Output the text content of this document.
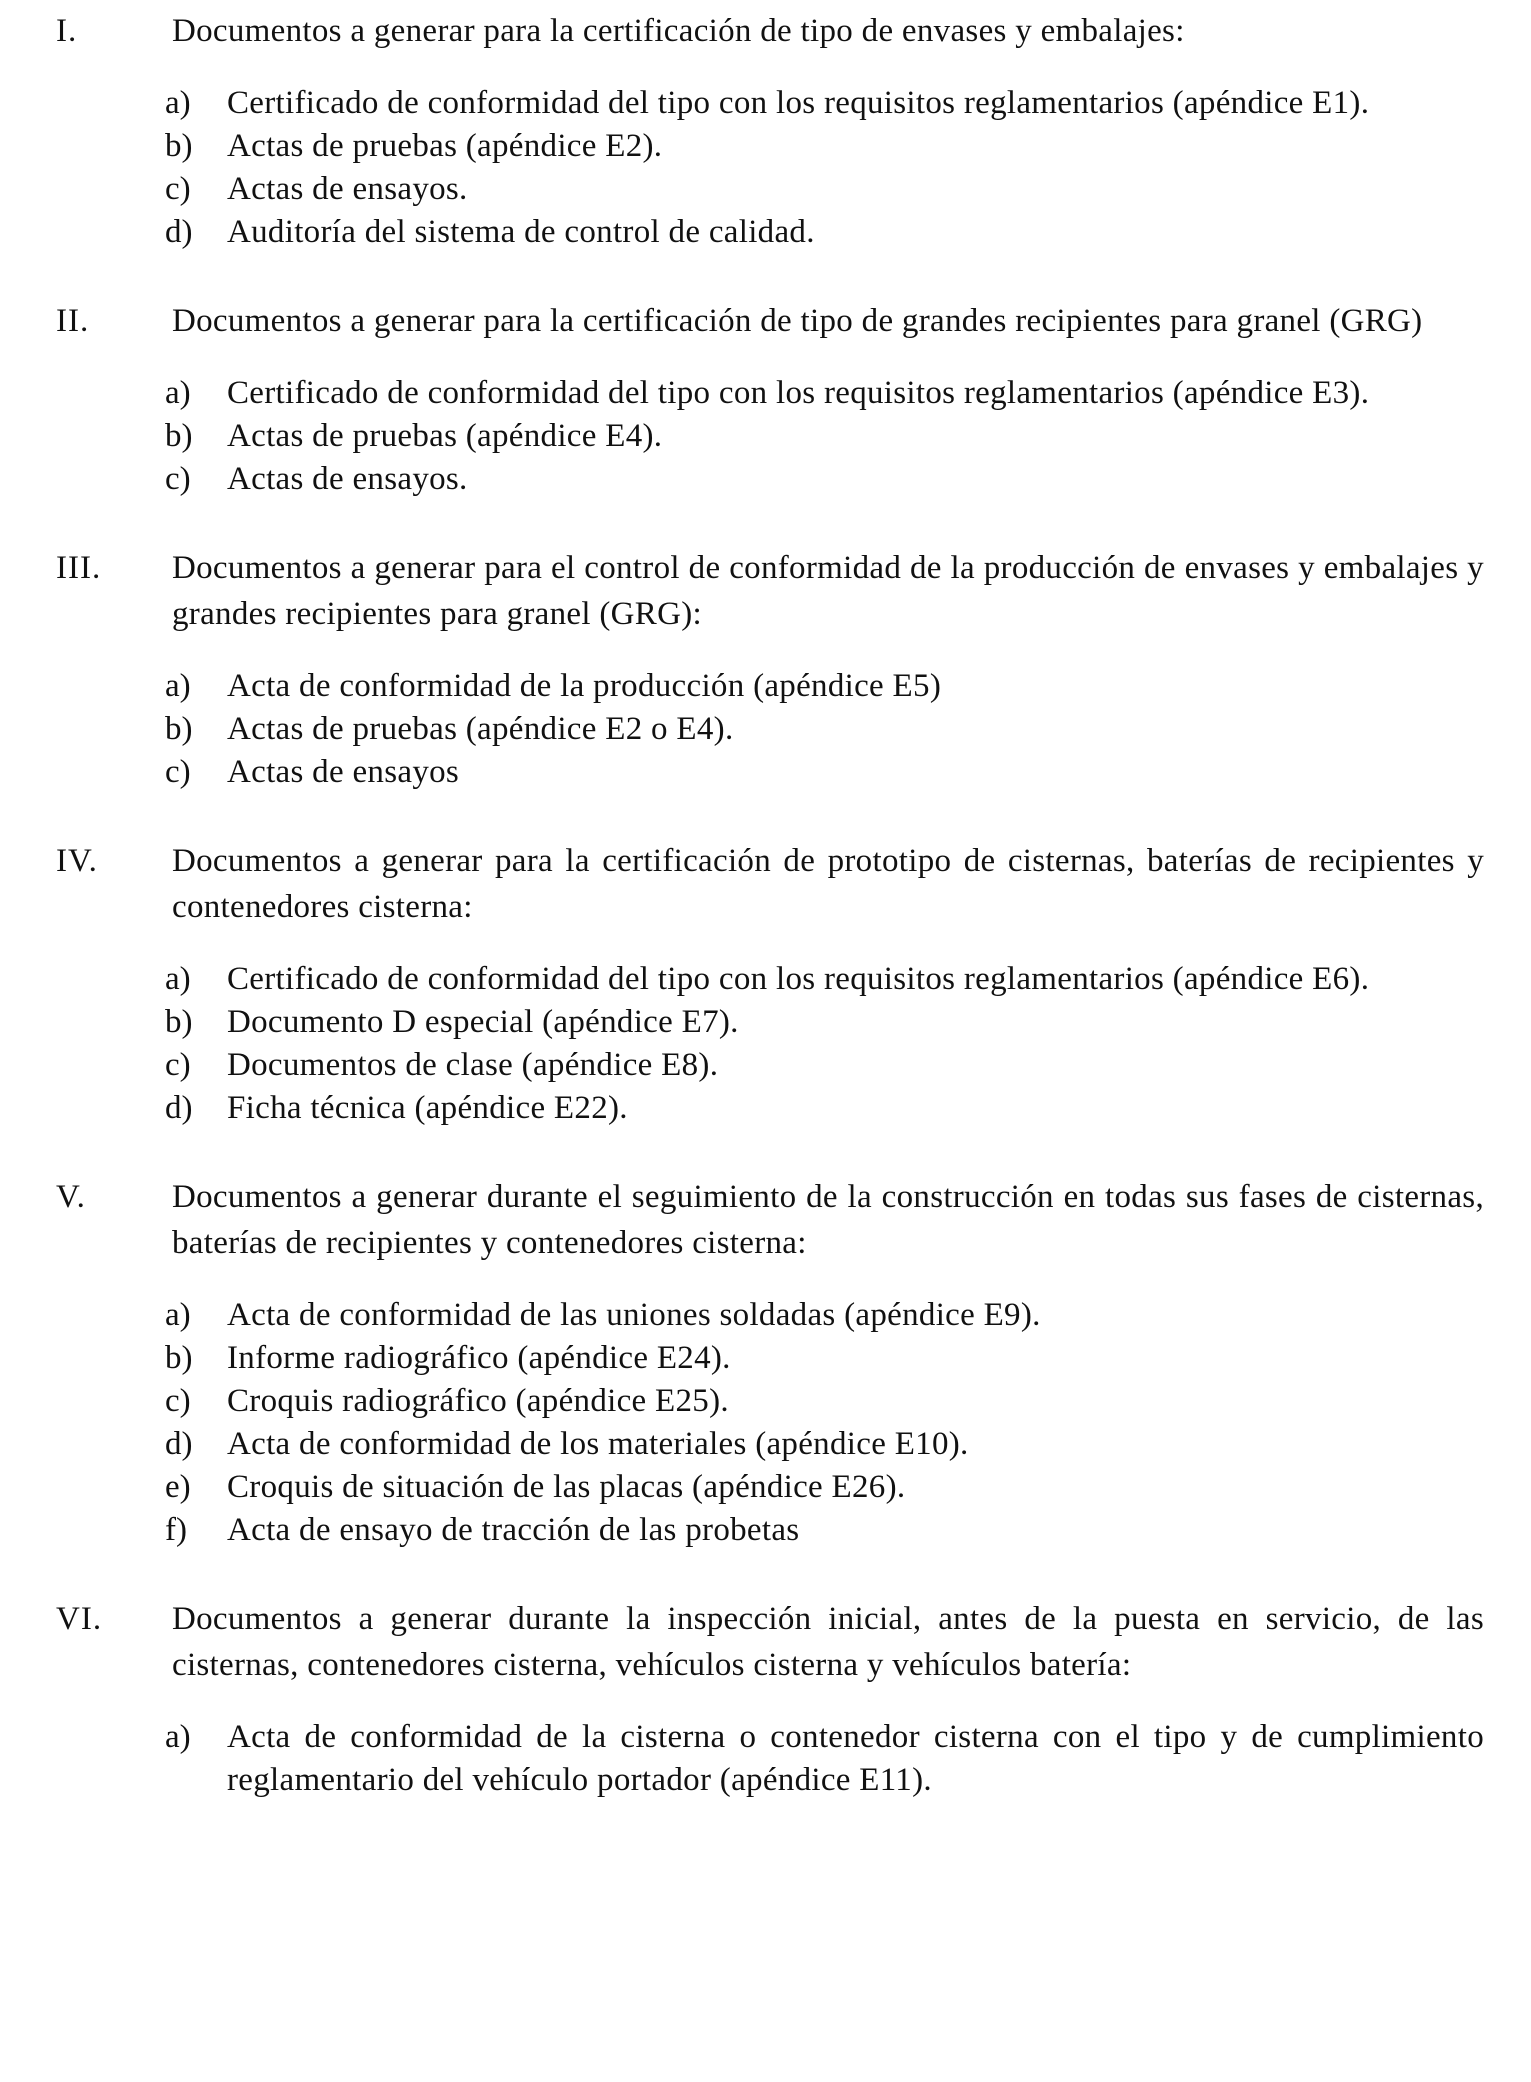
I.	Documentos a generar para la certificación de tipo de envases y embalajes:
a)	Certificado de conformidad del tipo con los requisitos reglamentarios (apéndice E1).
b)	Actas de pruebas (apéndice E2).
c)	Actas de ensayos.
d)	Auditoría del sistema de control de calidad.
II.	Documentos a generar para la certificación de tipo de grandes recipientes para granel (GRG)
a)	Certificado de conformidad del tipo con los requisitos reglamentarios (apéndice E3).
b)	Actas de pruebas (apéndice E4).
c)	Actas de ensayos.
III. Documentos a generar para el control de conformidad de la producción de envases y embalajes y grandes recipientes para granel (GRG):
a)	Acta de conformidad de la producción (apéndice E5)
b)	Actas de pruebas (apéndice E2 o E4).
c)	Actas de ensayos
IV. Documentos a generar para la certificación de prototipo de cisternas, baterías de recipientes y contenedores cisterna:
a)	Certificado de conformidad del tipo con los requisitos reglamentarios (apéndice E6).
b)	Documento D especial (apéndice E7).
c)	Documentos de clase (apéndice E8).
d)	Ficha técnica (apéndice E22).
V.	Documentos a generar durante el seguimiento de la construcción en todas sus fases de cisternas, baterías de recipientes y contenedores cisterna:
a)	Acta de conformidad de las uniones soldadas (apéndice E9).
b)	Informe radiográfico (apéndice E24).
c)	Croquis radiográfico (apéndice E25).
d)	Acta de conformidad de los materiales (apéndice E10).
e)	Croquis de situación de las placas (apéndice E26).
f)	Acta de ensayo de tracción de las probetas
VI. Documentos a generar durante la inspección inicial, antes de la puesta en servicio, de las cisternas, contenedores cisterna, vehículos cisterna y vehículos batería:
a)	Acta de conformidad de la cisterna o contenedor cisterna con el tipo y de cumplimiento reglamentario del vehículo portador (apéndice E11).
